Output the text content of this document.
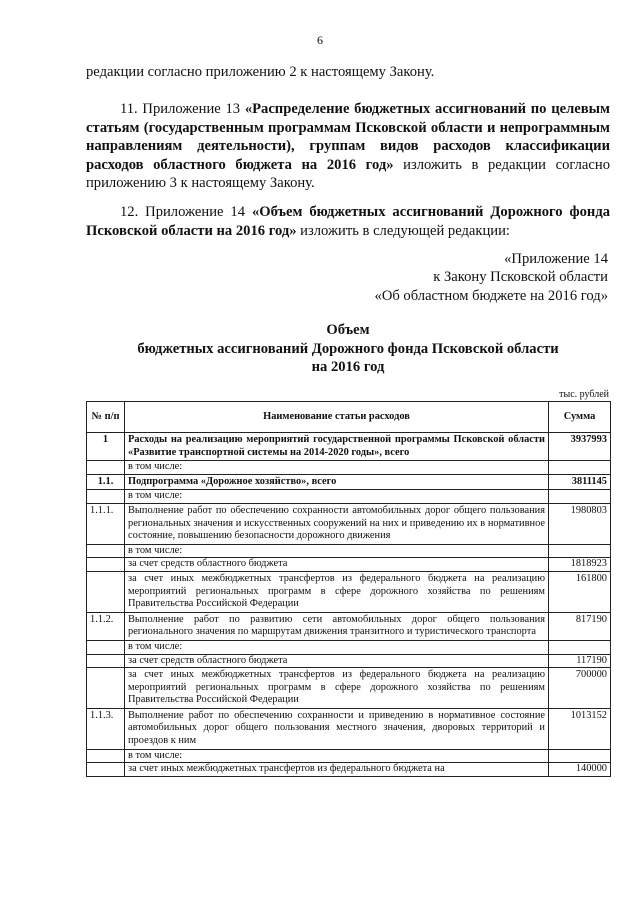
6
редакции согласно приложению 2 к настоящему Закону.
11. Приложение 13 «Распределение бюджетных ассигнований по целевым статьям (государственным программам Псковской области и непрограммным направлениям деятельности), группам видов расходов классификации расходов областного бюджета на 2016 год» изложить в редакции согласно приложению 3 к настоящему Закону.
12. Приложение 14 «Объем бюджетных ассигнований Дорожного фонда Псковской области на 2016 год» изложить в следующей редакции:
«Приложение 14
к Закону Псковской области
«Об областном бюджете на 2016 год»
Объем
бюджетных ассигнований Дорожного фонда Псковской области
на 2016 год
тыс. рублей
№ п/п	Наименование статьи расходов	Сумма
1	Расходы на реализацию мероприятий государственной программы Псковской области «Развитие транспортной системы на 2014-2020 годы», всего	3937993
	в том числе:	
1.1.	Подпрограмма «Дорожное хозяйство», всего	3811145
	в том числе:	
1.1.1.	Выполнение работ по обеспечению сохранности автомобильных дорог общего пользования региональных значения и искусственных сооружений на них и приведению их в нормативное состояние, повышению безопасности дорожного движения	1980803
	в том числе:	
	за счет средств областного бюджета	1818923
	за счет иных межбюджетных трансфертов из федерального бюджета на реализацию мероприятий региональных программ в сфере дорожного хозяйства по решениям Правительства Российской Федерации	161800
1.1.2.	Выполнение работ по развитию сети автомобильных дорог общего пользования регионального значения по маршрутам движения транзитного и туристического транспорта	817190
	в том числе:	
	за счет средств областного бюджета	117190
	за счет иных межбюджетных трансфертов из федерального бюджета на реализацию мероприятий региональных программ в сфере дорожного хозяйства по решениям Правительства Российской Федерации	700000
1.1.3.	Выполнение работ по обеспечению сохранности и приведению в нормативное состояние автомобильных дорог общего пользования местного значения, дворовых территорий и проездов к ним	1013152
	в том числе:	
	за счет иных межбюджетных трансфертов из федерального бюджета на	140000
